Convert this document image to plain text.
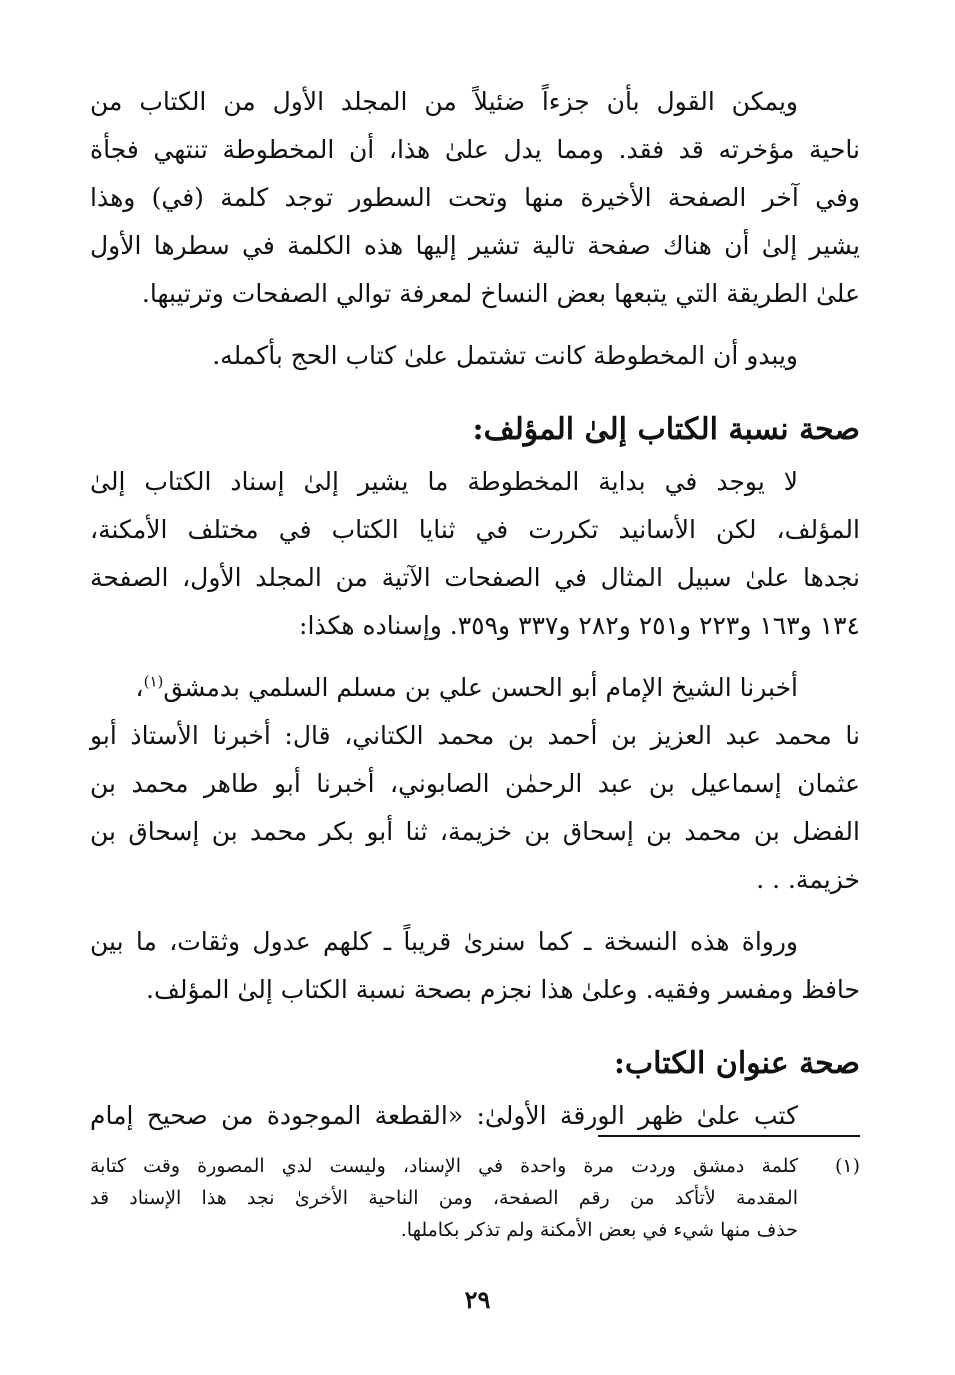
ويمكن القول بأن جزءاً ضئيلاً من المجلد الأول من الكتاب من
ناحية مؤخرته قد فقد. ومما يدل علىٰ هذا، أن المخطوطة تنتهي فجأة
وفي آخر الصفحة الأخيرة منها وتحت السطور توجد كلمة (في) وهذا
يشير إلىٰ أن هناك صفحة تالية تشير إليها هذه الكلمة في سطرها الأول
علىٰ الطريقة التي يتبعها بعض النساخ لمعرفة توالي الصفحات وترتيبها.
ويبدو أن المخطوطة كانت تشتمل علىٰ كتاب الحج بأكمله.
صحة نسبة الكتاب إلىٰ المؤلف:
لا يوجد في بداية المخطوطة ما يشير إلىٰ إسناد الكتاب إلىٰ
المؤلف، لكن الأسانيد تكررت في ثنايا الكتاب في مختلف الأمكنة،
نجدها علىٰ سبيل المثال في الصفحات الآتية من المجلد الأول، الصفحة
١٣٤ و١٦٣ و٢٢٣ و٢٥١ و٢٨٢ و٣٣٧ و٣٥٩. وإسناده هكذا:
أخبرنا الشيخ الإمام أبو الحسن علي بن مسلم السلمي بدمشق$^{(١)}$،
نا محمد عبد العزيز بن أحمد بن محمد الكتاني، قال: أخبرنا الأستاذ أبو
عثمان إسماعيل بن عبد الرحمٰن الصابوني، أخبرنا أبو طاهر محمد بن
الفضل بن محمد بن إسحاق بن خزيمة، ثنا أبو بكر محمد بن إسحاق بن
خزيمة. . .
ورواة هذه النسخة ـ كما سنرىٰ قريباً ـ كلهم عدول وثقات، ما بين
حافظ ومفسر وفقيه. وعلىٰ هذا نجزم بصحة نسبة الكتاب إلىٰ المؤلف.
صحة عنوان الكتاب:
كتب علىٰ ظهر الورقة الأولىٰ: «القطعة الموجودة من صحيح إمام
(١)
كلمة دمشق وردت مرة واحدة في الإسناد، وليست لدي المصورة وقت كتابة
المقدمة لأتأكد من رقم الصفحة، ومن الناحية الأخرىٰ نجد هذا الإسناد قد
حذف منها شيء في بعض الأمكنة ولم تذكر بكاملها.
٢٩
